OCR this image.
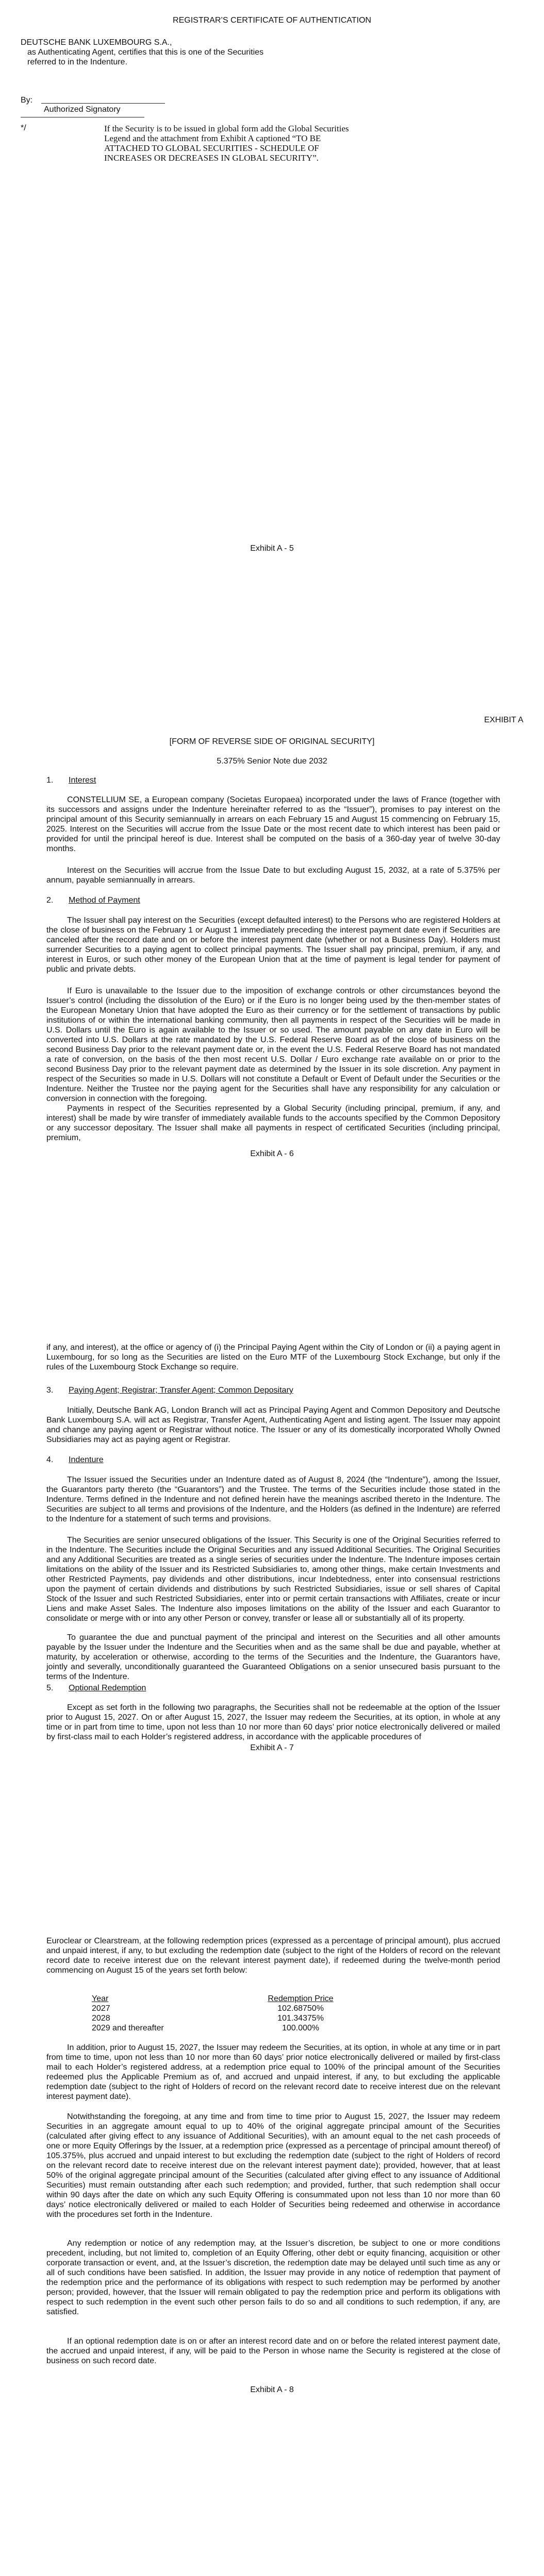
REGISTRAR’S CERTIFICATE OF AUTHENTICATION
DEUTSCHE BANK LUXEMBOURG S.A.,
as Authenticating Agent, certifies that this is one of the Securities
referred to in the Indenture.
By:
Authorized Signatory
*/	If the Security is to be issued in global form add the Global Securities
Legend and the attachment from Exhibit A captioned “TO BE
ATTACHED TO GLOBAL SECURITIES - SCHEDULE OF
INCREASES OR DECREASES IN GLOBAL SECURITY”.
Exhibit A - 5
EXHIBIT A
[FORM OF REVERSE SIDE OF ORIGINAL SECURITY]
5.375% Senior Note due 2032
1. Interest

CONSTELLIUM SE, a European company (Societas Europaea) incorporated under the laws of France (together with its successors and assigns under the Indenture hereinafter referred to as the “Issuer”), promises to pay interest on the principal amount of this Security semiannually in arrears on each February 15 and August 15 commencing on February 15, 2025. Interest on the Securities will accrue from the Issue Date or the most recent date to which interest has been paid or provided for until the principal hereof is due. Interest shall be computed on the basis of a 360-day year of twelve 30-day months.

Interest on the Securities will accrue from the Issue Date to but excluding August 15, 2032, at a rate of 5.375% per annum, payable semiannually in arrears.

2. Method of Payment

The Issuer shall pay interest on the Securities (except defaulted interest) to the Persons who are registered Holders at the close of business on the February 1 or August 1 immediately preceding the interest payment date even if Securities are canceled after the record date and on or before the interest payment date (whether or not a Business Day). Holders must surrender Securities to a paying agent to collect principal payments. The Issuer shall pay principal, premium, if any, and interest in Euros, or such other money of the European Union that at the time of payment is legal tender for payment of public and private debts.

If Euro is unavailable to the Issuer due to the imposition of exchange controls or other circumstances beyond the Issuer’s control (including the dissolution of the Euro) or if the Euro is no longer being used by the then-member states of the European Monetary Union that have adopted the Euro as their currency or for the settlement of transactions by public institutions of or within the international banking community, then all payments in respect of the Securities will be made in U.S. Dollars until the Euro is again available to the Issuer or so used. The amount payable on any date in Euro will be converted into U.S. Dollars at the rate mandated by the U.S. Federal Reserve Board as of the close of business on the second Business Day prior to the relevant payment date or, in the event the U.S. Federal Reserve Board has not mandated a rate of conversion, on the basis of the then most recent U.S. Dollar / Euro exchange rate available on or prior to the second Business Day prior to the relevant payment date as determined by the Issuer in its sole discretion. Any payment in respect of the Securities so made in U.S. Dollars will not constitute a Default or Event of Default under the Securities or the Indenture. Neither the Trustee nor the paying agent for the Securities shall have any responsibility for any calculation or conversion in connection with the foregoing.

Payments in respect of the Securities represented by a Global Security (including principal, premium, if any, and interest) shall be made by wire transfer of immediately available funds to the accounts specified by the Common Depository or any successor depositary. The Issuer shall make all payments in respect of certificated Securities (including principal, premium,

Exhibit A - 6

if any, and interest), at the office or agency of (i) the Principal Paying Agent within the City of London or (ii) a paying agent in Luxembourg, for so long as the Securities are listed on the Euro MTF of the Luxembourg Stock Exchange, but only if the rules of the Luxembourg Stock Exchange so require.

3. Paying Agent; Registrar; Transfer Agent; Common Depositary

Initially, Deutsche Bank AG, London Branch will act as Principal Paying Agent and Common Depository and Deutsche Bank Luxembourg S.A. will act as Registrar, Transfer Agent, Authenticating Agent and listing agent. The Issuer may appoint and change any paying agent or Registrar without notice. The Issuer or any of its domestically incorporated Wholly Owned Subsidiaries may act as paying agent or Registrar.

4. Indenture

The Issuer issued the Securities under an Indenture dated as of August 8, 2024 (the “Indenture”), among the Issuer, the Guarantors party thereto (the “Guarantors”) and the Trustee. The terms of the Securities include those stated in the Indenture. Terms defined in the Indenture and not defined herein have the meanings ascribed thereto in the Indenture. The Securities are subject to all terms and provisions of the Indenture, and the Holders (as defined in the Indenture) are referred to the Indenture for a statement of such terms and provisions.

The Securities are senior unsecured obligations of the Issuer. This Security is one of the Original Securities referred to in the Indenture. The Securities include the Original Securities and any issued Additional Securities. The Original Securities and any Additional Securities are treated as a single series of securities under the Indenture. The Indenture imposes certain limitations on the ability of the Issuer and its Restricted Subsidiaries to, among other things, make certain Investments and other Restricted Payments, pay dividends and other distributions, incur Indebtedness, enter into consensual restrictions upon the payment of certain dividends and distributions by such Restricted Subsidiaries, issue or sell shares of Capital Stock of the Issuer and such Restricted Subsidiaries, enter into or permit certain transactions with Affiliates, create or incur Liens and make Asset Sales. The Indenture also imposes limitations on the ability of the Issuer and each Guarantor to consolidate or merge with or into any other Person or convey, transfer or lease all or substantially all of its property.

To guarantee the due and punctual payment of the principal and interest on the Securities and all other amounts payable by the Issuer under the Indenture and the Securities when and as the same shall be due and payable, whether at maturity, by acceleration or otherwise, according to the terms of the Securities and the Indenture, the Guarantors have, jointly and severally, unconditionally guaranteed the Guaranteed Obligations on a senior unsecured basis pursuant to the terms of the Indenture.

5. Optional Redemption

Except as set forth in the following two paragraphs, the Securities shall not be redeemable at the option of the Issuer prior to August 15, 2027. On or after August 15, 2027, the Issuer may redeem the Securities, at its option, in whole at any time or in part from time to time, upon not less than 10 nor more than 60 days’ prior notice electronically delivered or mailed by first-class mail to each Holder’s registered address, in accordance with the applicable procedures of

Exhibit A - 7

Euroclear or Clearstream, at the following redemption prices (expressed as a percentage of principal amount), plus accrued and unpaid interest, if any, to but excluding the redemption date (subject to the right of the Holders of record on the relevant record date to receive interest due on the relevant interest payment date), if redeemed during the twelve-month period commencing on August 15 of the years set forth below:

Year	Redemption Price
2027	102.68750%
2028	101.34375%
2029 and thereafter	100.000%

In addition, prior to August 15, 2027, the Issuer may redeem the Securities, at its option, in whole at any time or in part from time to time, upon not less than 10 nor more than 60 days’ prior notice electronically delivered or mailed by first-class mail to each Holder’s registered address, at a redemption price equal to 100% of the principal amount of the Securities redeemed plus the Applicable Premium as of, and accrued and unpaid interest, if any, to but excluding the applicable redemption date (subject to the right of Holders of record on the relevant record date to receive interest due on the relevant interest payment date).

Notwithstanding the foregoing, at any time and from time to time prior to August 15, 2027, the Issuer may redeem Securities in an aggregate amount equal to up to 40% of the original aggregate principal amount of the Securities (calculated after giving effect to any issuance of Additional Securities), with an amount equal to the net cash proceeds of one or more Equity Offerings by the Issuer, at a redemption price (expressed as a percentage of principal amount thereof) of 105.375%, plus accrued and unpaid interest to but excluding the redemption date (subject to the right of Holders of record on the relevant record date to receive interest due on the relevant interest payment date); provided, however, that at least 50% of the original aggregate principal amount of the Securities (calculated after giving effect to any issuance of Additional Securities) must remain outstanding after each such redemption; and provided, further, that such redemption shall occur within 90 days after the date on which any such Equity Offering is consummated upon not less than 10 nor more than 60 days’ notice electronically delivered or mailed to each Holder of Securities being redeemed and otherwise in accordance with the procedures set forth in the Indenture.

Any redemption or notice of any redemption may, at the Issuer’s discretion, be subject to one or more conditions precedent, including, but not limited to, completion of an Equity Offering, other debt or equity financing, acquisition or other corporate transaction or event, and, at the Issuer’s discretion, the redemption date may be delayed until such time as any or all of such conditions have been satisfied. In addition, the Issuer may provide in any notice of redemption that payment of the redemption price and the performance of its obligations with respect to such redemption may be performed by another person; provided, however, that the Issuer will remain obligated to pay the redemption price and perform its obligations with respect to such redemption in the event such other person fails to do so and all conditions to such redemption, if any, are satisfied.

If an optional redemption date is on or after an interest record date and on or before the related interest payment date, the accrued and unpaid interest, if any, will be paid to the Person in whose name the Security is registered at the close of business on such record date.

Exhibit A - 8
